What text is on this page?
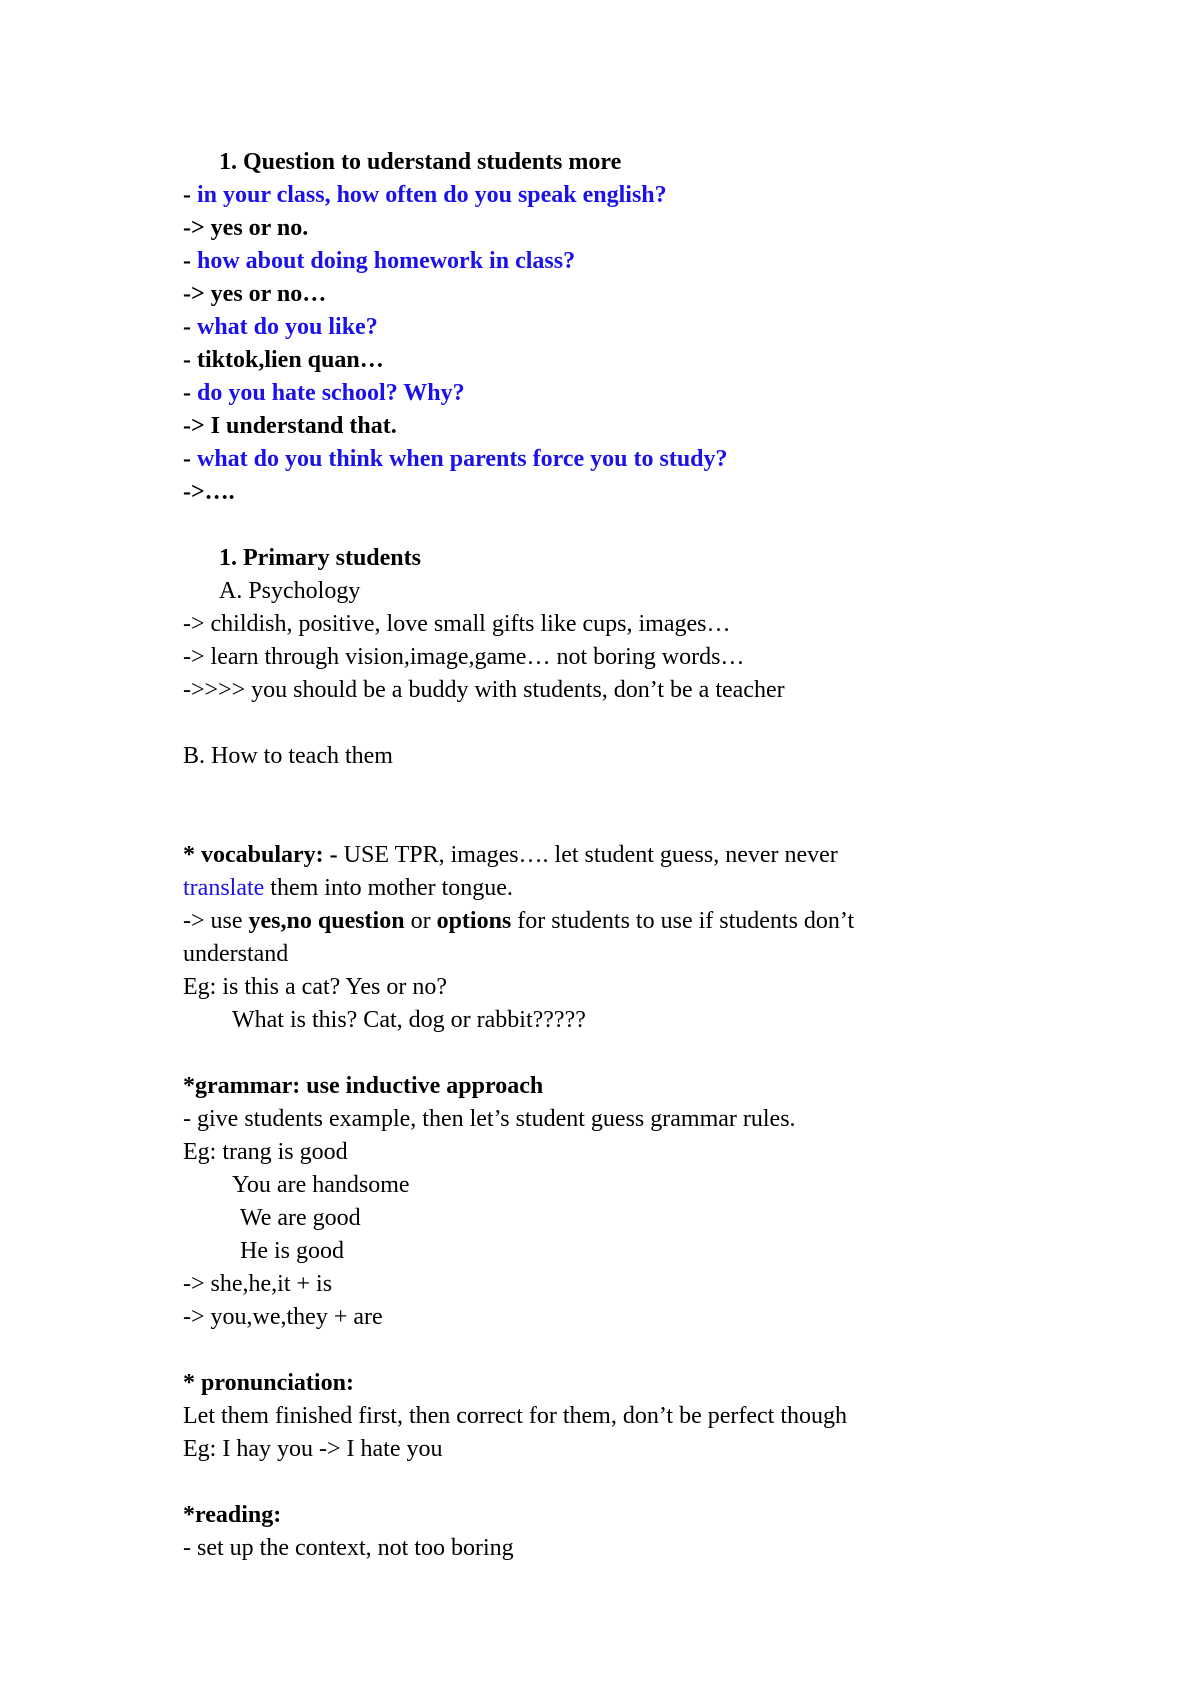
1. Question to uderstand students more
- in your class, how often do you speak english?
-> yes or no.
- how about doing homework in class?
-> yes or no…
- what do you like?
- tiktok,lien quan…
- do you hate school? Why?
-> I understand that.
- what do you think when parents force you to study?
->….
1. Primary students
A. Psychology
-> childish, positive, love small gifts like cups, images…
-> learn through vision,image,game… not boring words…
->>>> you should be a buddy with students, don’t be a teacher
B. How to teach them
* vocabulary: - USE TPR, images…. let student guess, never never
translate them into mother tongue.
-> use yes,no question or options for students to use if students don’t
understand
Eg: is this a cat? Yes or no?
What is this? Cat, dog or rabbit?????
*grammar: use inductive approach
- give students example, then let’s student guess grammar rules.
Eg: trang is good
You are handsome
We are good
He is good
-> she,he,it + is
-> you,we,they + are
* pronunciation:
Let them finished first, then correct for them, don’t be perfect though
Eg: I hay you -> I hate you
*reading:
- set up the context, not too boring
